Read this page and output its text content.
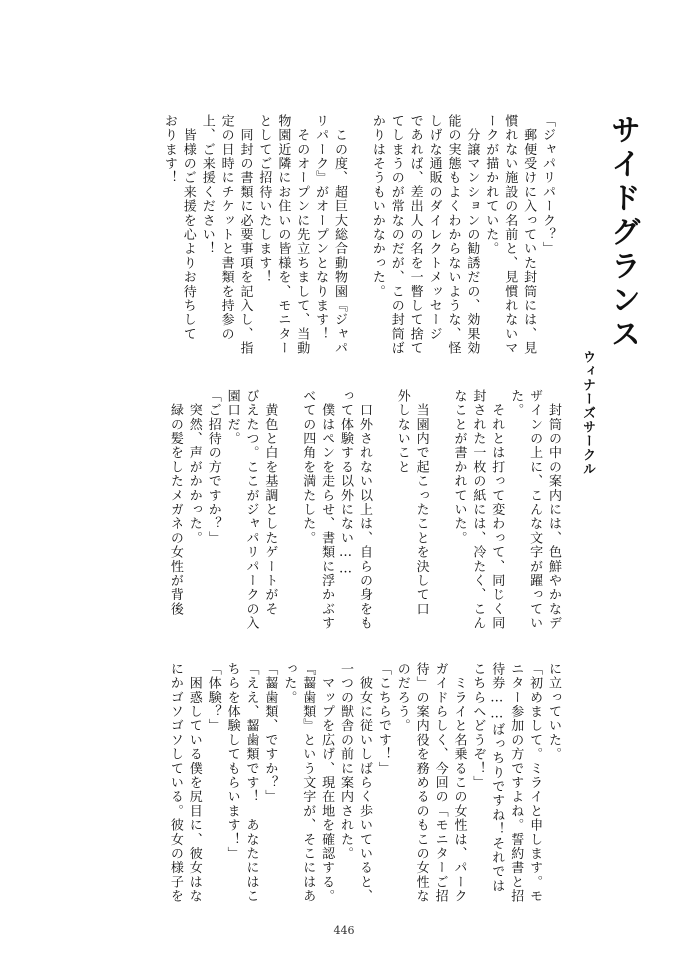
サイドグランス
ウィナーズサークル
「ジャパリパーク？」
　郵便受けに入っていた封筒には、見
慣れない施設の名前と、見慣れないマ
ークが描かれていた。
　分譲マンションの勧誘だの、効果効
能の実態もよくわからないような、怪
しげな通販のダイレクトメッセージ
であれば、差出人の名を一瞥して捨て
てしまうのが常なのだが、この封筒ば
かりはそうもいかなかった。

　この度、超巨大総合動物園『ジャパ
リパーク』がオープンとなります！
　そのオープンに先立ちまして、当動
物園近隣にお住いの皆様を、モニター
としてご招待いたします！
　同封の書類に必要事項を記入し、指
定の日時にチケットと書類を持参の
上、ご来援ください！
　皆様のご来援を心よりお待ちして
おります！
　封筒の中の案内には、色鮮やかなデ
ザインの上に、こんな文字が躍ってい
た。
　それとは打って変わって、同じく同
封された一枚の紙には、冷たく、こん
なことが書かれていた。

　当園内で起こったことを決して口
外しないこと

　口外されない以上は、自らの身をも
って体験する以外にない……
　僕はペンを走らせ、書類に浮かぶす
べての四角を満たした。

　黄色と白を基調としたゲートがそ
びえたつ。ここがジャパリパークの入
園口だ。
「ご招待の方ですか？」
　突然、声がかかった。
　緑の髪をしたメガネの女性が背後
に立っていた。
「初めまして。ミライと申します。モ
ニター参加の方ですよね。誓約書と招
待券……ばっちりですね！それでは
こちらへどうぞ！」
　ミライと名乗るこの女性は、パーク
ガイドらしく、今回の「モニターご招
待」の案内役を務めるのもこの女性な
のだろう。
「こちらです！」
　彼女に従いしばらく歩いていると、
一つの獣舎の前に案内された。
　マップを広げ、現在地を確認する。
『齧歯類』という文字が、そこにはあ
った。
「齧歯類、ですか？」
「ええ、齧歯類です！　あなたにはこ
ちらを体験してもらいます！」
「体験？」
　困惑している僕を尻目に、彼女はな
にかゴソゴソしている。彼女の様子を
446
